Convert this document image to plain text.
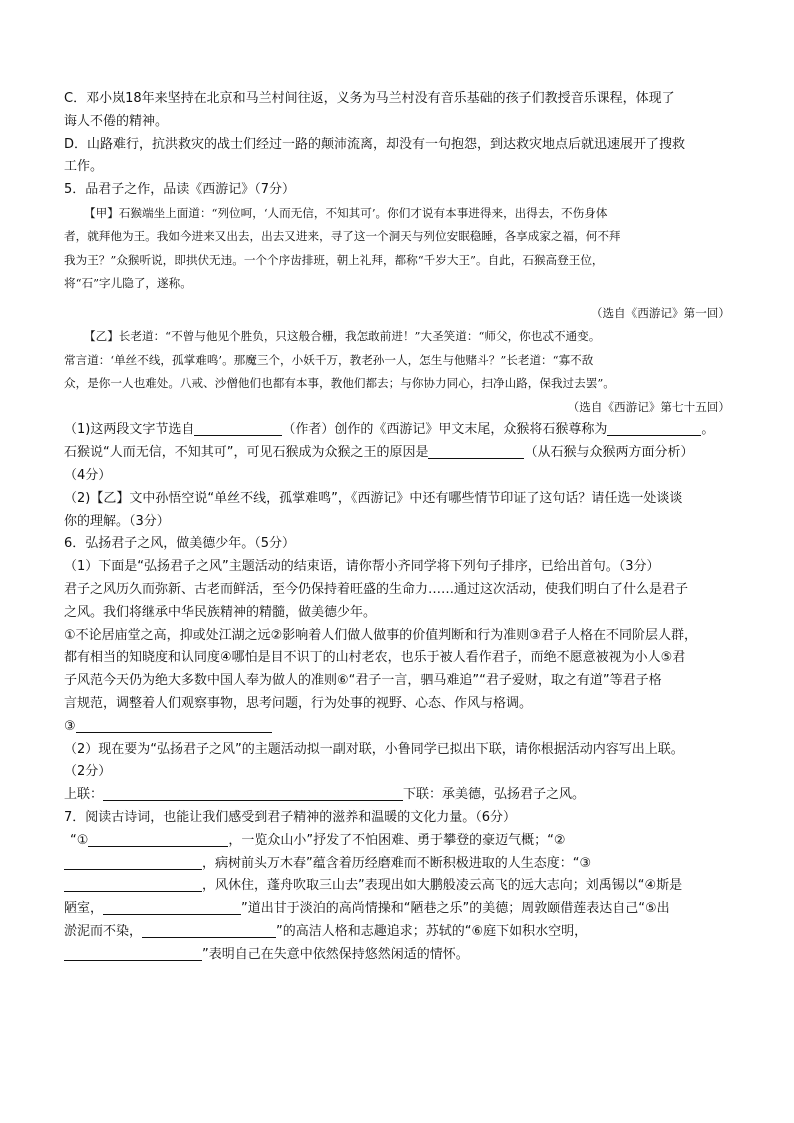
C．邓小岚18年来坚持在北京和马兰村间往返，义务为马兰村没有音乐基础的孩子们教授音乐课程，体现了
诲人不倦的精神。
D．山路难行，抗洪救灾的战士们经过一路的颠沛流离，却没有一句抱怨，到达救灾地点后就迅速展开了搜救
工作。
5．品君子之作，品读《西游记》（7分）
【甲】石猴端坐上面道：“列位呵，‘人而无信，不知其可’。你们才说有本事进得来，出得去，不伤身体
者，就拜他为王。我如今进来又出去，出去又进来，寻了这一个洞天与列位安眠稳睡，各享成家之福，何不拜
我为王？”众猴听说，即拱伏无违。一个个序齿排班，朝上礼拜，都称“千岁大王”。自此，石猴高登王位，
将“石”字儿隐了，遂称。
（选自《西游记》第一回）
【乙】长老道：“不曾与他见个胜负，只这般合栅，我怎敢前进！”大圣笑道：“师父，你也忒不通变。
常言道：‘单丝不线，孤掌难鸣’。那魔三个，小妖千万，教老孙一人，怎生与他赌斗？”长老道：“寡不敌
众，是你一人也难处。八戒、沙僧他们也都有本事，教他们都去；与你协力同心，扫净山路，保我过去罢”。
（选自《西游记》第七十五回）
（1)这两段文字节选自	（作者）创作的《西游记》甲文末尾，众猴将石猴尊称为	。
石猴说“人而无信，不知其可”，可见石猴成为众猴之王的原因是	（从石猴与众猴两方面分析）
（4分）
（2)【乙】文中孙悟空说“单丝不线，孤掌难鸣”，《西游记》中还有哪些情节印证了这句话？请任选一处谈谈
你的理解。（3分）
6．弘扬君子之风，做美德少年。（5分）
（1）下面是“弘扬君子之风”主题活动的结束语，请你帮小齐同学将下列句子排序，已给出首句。（3分）
君子之风历久而弥新、古老而鲜活，至今仍保持着旺盛的生命力……通过这次活动，使我们明白了什么是君子
之风。我们将继承中华民族精神的精髓，做美德少年。
①不论居庙堂之高，抑或处江湖之远②影响着人们做人做事的价值判断和行为准则③君子人格在不同阶层人群，
都有相当的知晓度和认同度④哪怕是目不识丁的山村老农，也乐于被人看作君子，而绝不愿意被视为小人⑤君
子风范今天仍为绝大多数中国人奉为做人的准则⑥“君子一言，驷马难追”“君子爱财，取之有道”等君子格
言规范，调整着人们观察事物，思考问题，行为处事的视野、心态、作风与格调。
③
（2）现在要为“弘扬君子之风”的主题活动拟一副对联，小鲁同学已拟出下联，请你根据活动内容写出上联。
（2分）
上联：	下联：承美德，弘扬君子之风。
7．阅读古诗词，也能让我们感受到君子精神的滋养和温暖的文化力量。（6分）
“①	，一览众山小”抒发了不怕困难、勇于攀登的豪迈气概；“②
，病树前头万木春”蕴含着历经磨难而不断积极进取的人生态度：“③
，风休住，蓬舟吹取三山去”表现出如大鹏般凌云高飞的远大志向；刘禹锡以“④斯是
陋室，	”道出甘于淡泊的高尚情操和“陋巷之乐”的美德；周敦颐借莲表达自己“⑤出
淤泥而不染，	”的高洁人格和志趣追求；苏轼的“⑥庭下如积水空明，
”表明自己在失意中依然保持悠然闲适的情怀。
